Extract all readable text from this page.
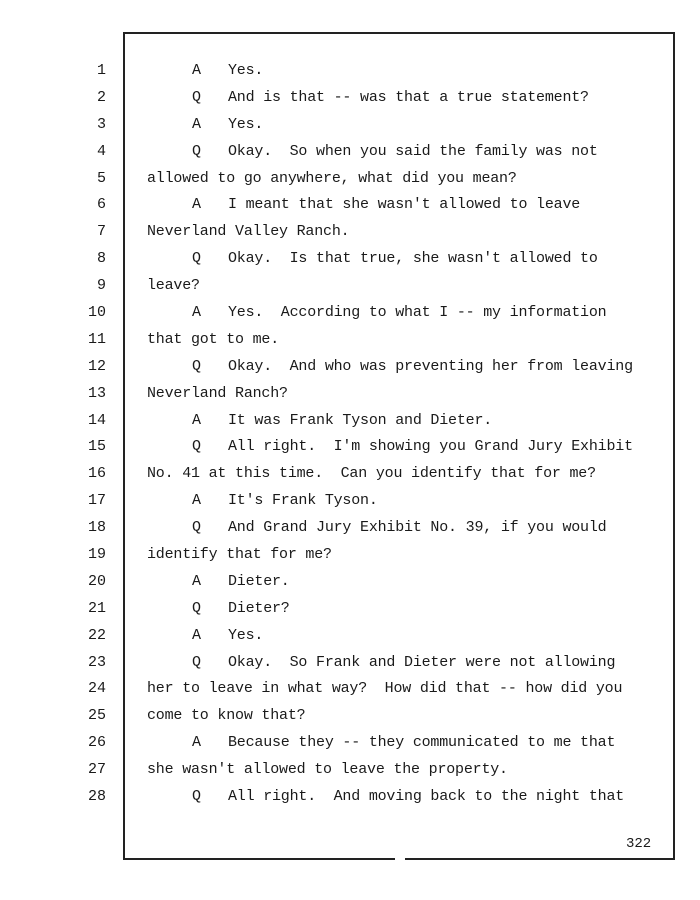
1
2
3
4
5
6
7
8
9
10
11
12
13
14
15
16
17
18
19
20
21
22
23
24
25
26
27
28
A Yes.
Q And is that -- was that a true statement?
A Yes.
Q Okay.  So when you said the family was not
allowed to go anywhere, what did you mean?
A I meant that she wasn't allowed to leave
Neverland Valley Ranch.
Q Okay.  Is that true, she wasn't allowed to
leave?
A Yes.  According to what I -- my information
that got to me.
Q Okay.  And who was preventing her from leaving
Neverland Ranch?
A It was Frank Tyson and Dieter.
Q All right.  I'm showing you Grand Jury Exhibit
No. 41 at this time.  Can you identify that for me?
A It's Frank Tyson.
Q And Grand Jury Exhibit No. 39, if you would
identify that for me?
A Dieter.
Q Dieter?
A Yes.
Q Okay.  So Frank and Dieter were not allowing
her to leave in what way?  How did that -- how did you
come to know that?
A Because they -- they communicated to me that
she wasn't allowed to leave the property.
Q All right.  And moving back to the night that
322
